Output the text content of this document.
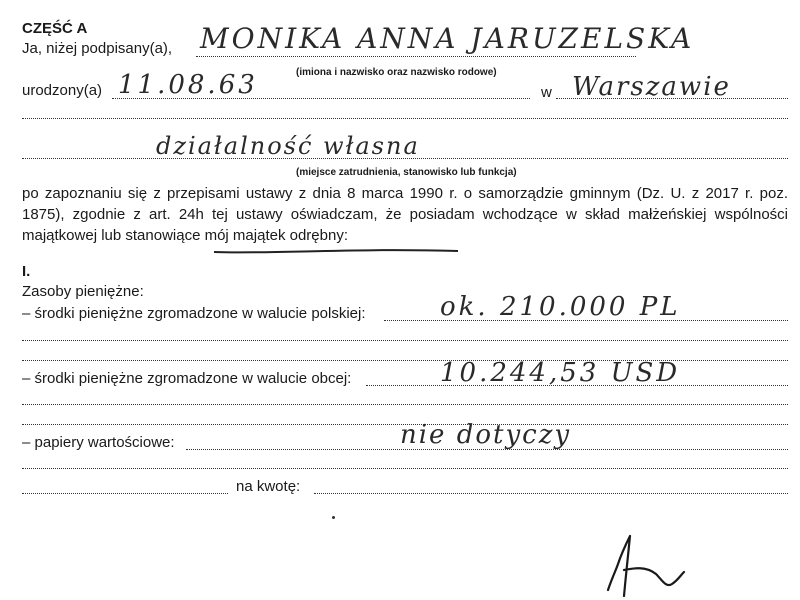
CZĘŚĆ A
Ja, niżej podpisany(a), MONIKA ANNA JARUZELSKA
(imiona i nazwisko oraz nazwisko rodowe)
urodzony(a) 11.08.63	w Warszawie
działalność własna
(miejsce zatrudnienia, stanowisko lub funkcja)
po zapoznaniu się z przepisami ustawy z dnia 8 marca 1990 r. o samorządzie gminnym (Dz. U. z 2017 r. poz. 1875), zgodnie z art. 24h tej ustawy oświadczam, że posiadam wchodzące w skład małżeńskiej wspólności majątkowej lub stanowiące mój majątek odrębny:
I.
Zasoby pieniężne:
– środki pieniężne zgromadzone w walucie polskiej:	ok. 210.000 PL
– środki pieniężne zgromadzone w walucie obcej:	10.244,53 USD
– papiery wartościowe:	nie dotyczy
na kwotę:
